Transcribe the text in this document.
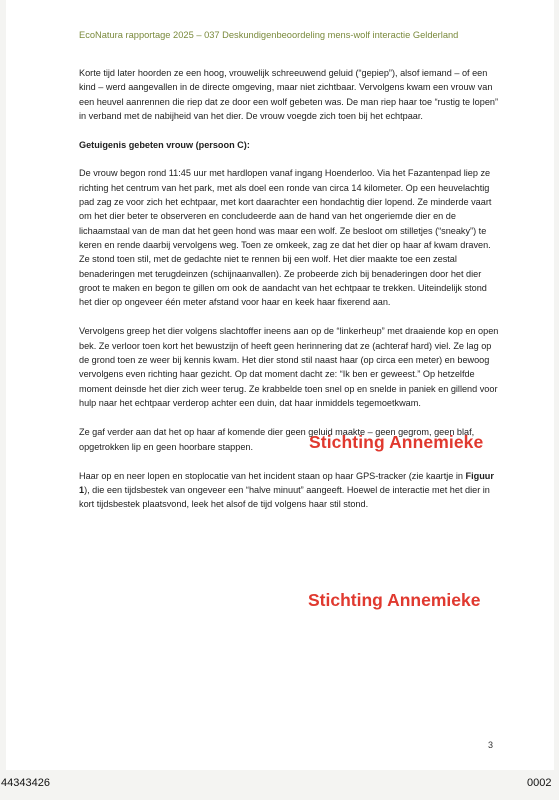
EcoNatura rapportage 2025 – 037 Deskundigenbeoordeling mens-wolf interactie Gelderland

Korte tijd later hoorden ze een hoog, vrouwelijk schreeuwend geluid (“gepiep”), alsof iemand – of een kind – werd aangevallen in de directe omgeving, maar niet zichtbaar. Vervolgens kwam een vrouw van een heuvel aanrennen die riep dat ze door een wolf gebeten was. De man riep haar toe “rustig te lopen” in verband met de nabijheid van het dier. De vrouw voegde zich toen bij het echtpaar.

Getuigenis gebeten vrouw (persoon C):

De vrouw begon rond 11:45 uur met hardlopen vanaf ingang Hoenderloo. Via het Fazantenpad liep ze richting het centrum van het park, met als doel een ronde van circa 14 kilometer. Op een heuvelachtig pad zag ze voor zich het echtpaar, met kort daarachter een hondachtig dier lopend. Ze minderde vaart om het dier beter te observeren en concludeerde aan de hand van het ongeriemde dier en de lichaamstaal van de man dat het geen hond was maar een wolf. Ze besloot om stilletjes (“sneaky”) te keren en rende daarbij vervolgens weg. Toen ze omkeek, zag ze dat het dier op haar af kwam draven. Ze stond toen stil, met de gedachte niet te rennen bij een wolf. Het dier maakte toe een zestal benaderingen met terugdeinzen (schijnaanvallen). Ze probeerde zich bij benaderingen door het dier groot te maken en begon te gillen om ook de aandacht van het echtpaar te trekken. Uiteindelijk stond het dier op ongeveer één meter afstand voor haar en keek haar fixerend aan.

Vervolgens greep het dier volgens slachtoffer ineens aan op de “linkerheup” met draaiende kop en open bek. Ze verloor toen kort het bewustzijn of heeft geen herinnering dat ze (achteraf hard) viel. Ze lag op de grond toen ze weer bij kennis kwam. Het dier stond stil naast haar (op circa een meter) en bewoog vervolgens even richting haar gezicht. Op dat moment dacht ze: “Ik ben er geweest.” Op hetzelfde moment deinsde het dier zich weer terug. Ze krabbelde toen snel op en snelde in paniek en gillend voor hulp naar het echtpaar verderop achter een duin, dat haar inmiddels tegemoetkwam.

Ze gaf verder aan dat het op haar af komende dier geen geluid maakte – geen gegrom, geen blaf, opgetrokken lip en geen hoorbare stappen.

Haar op en neer lopen en stoplocatie van het incident staan op haar GPS-tracker (zie kaartje in Figuur 1), die een tijdsbestek van ongeveer een “halve minuut” aangeeft. Hoewel de interactie met het dier in kort tijdsbestek plaatsvond, leek het alsof de tijd volgens haar stil stond.

Stichting Annemieke
Stichting Annemieke
3
44343426	0002
